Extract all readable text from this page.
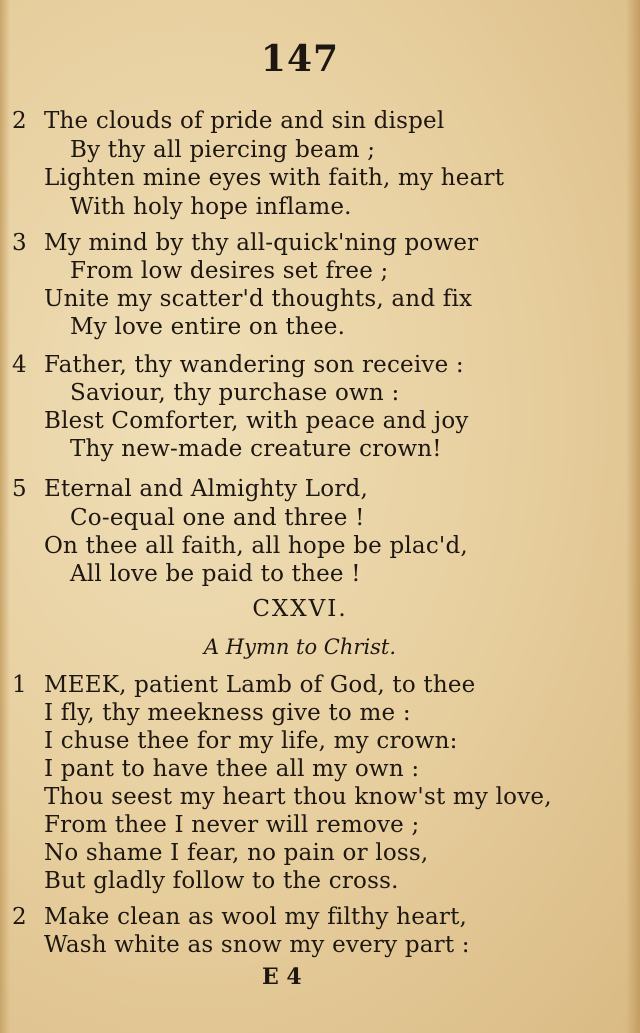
147
2 The clouds of pride and sin dispel
By thy all piercing beam ;
Lighten mine eyes with faith, my heart
With holy hope inflame.
3 My mind by thy all-quick'ning power
From low desires set free ;
Unite my scatter'd thoughts, and fix
My love entire on thee.
4 Father, thy wandering son receive :
Saviour, thy purchase own :
Blest Comforter, with peace and joy
Thy new-made creature crown!
5 Eternal and Almighty Lord,
Co-equal one and three !
On thee all faith, all hope be plac'd,
All love be paid to thee !
CXXVI.
A Hymn to Christ.
1 MEEK, patient Lamb of God, to thee
I fly, thy meekness give to me :
I chuse thee for my life, my crown:
I pant to have thee all my own :
Thou seest my heart thou know'st my love,
From thee I never will remove ;
No shame I fear, no pain or loss,
But gladly follow to the cross.
2 Make clean as wool my filthy heart,
Wash white as snow my every part :
E 4
